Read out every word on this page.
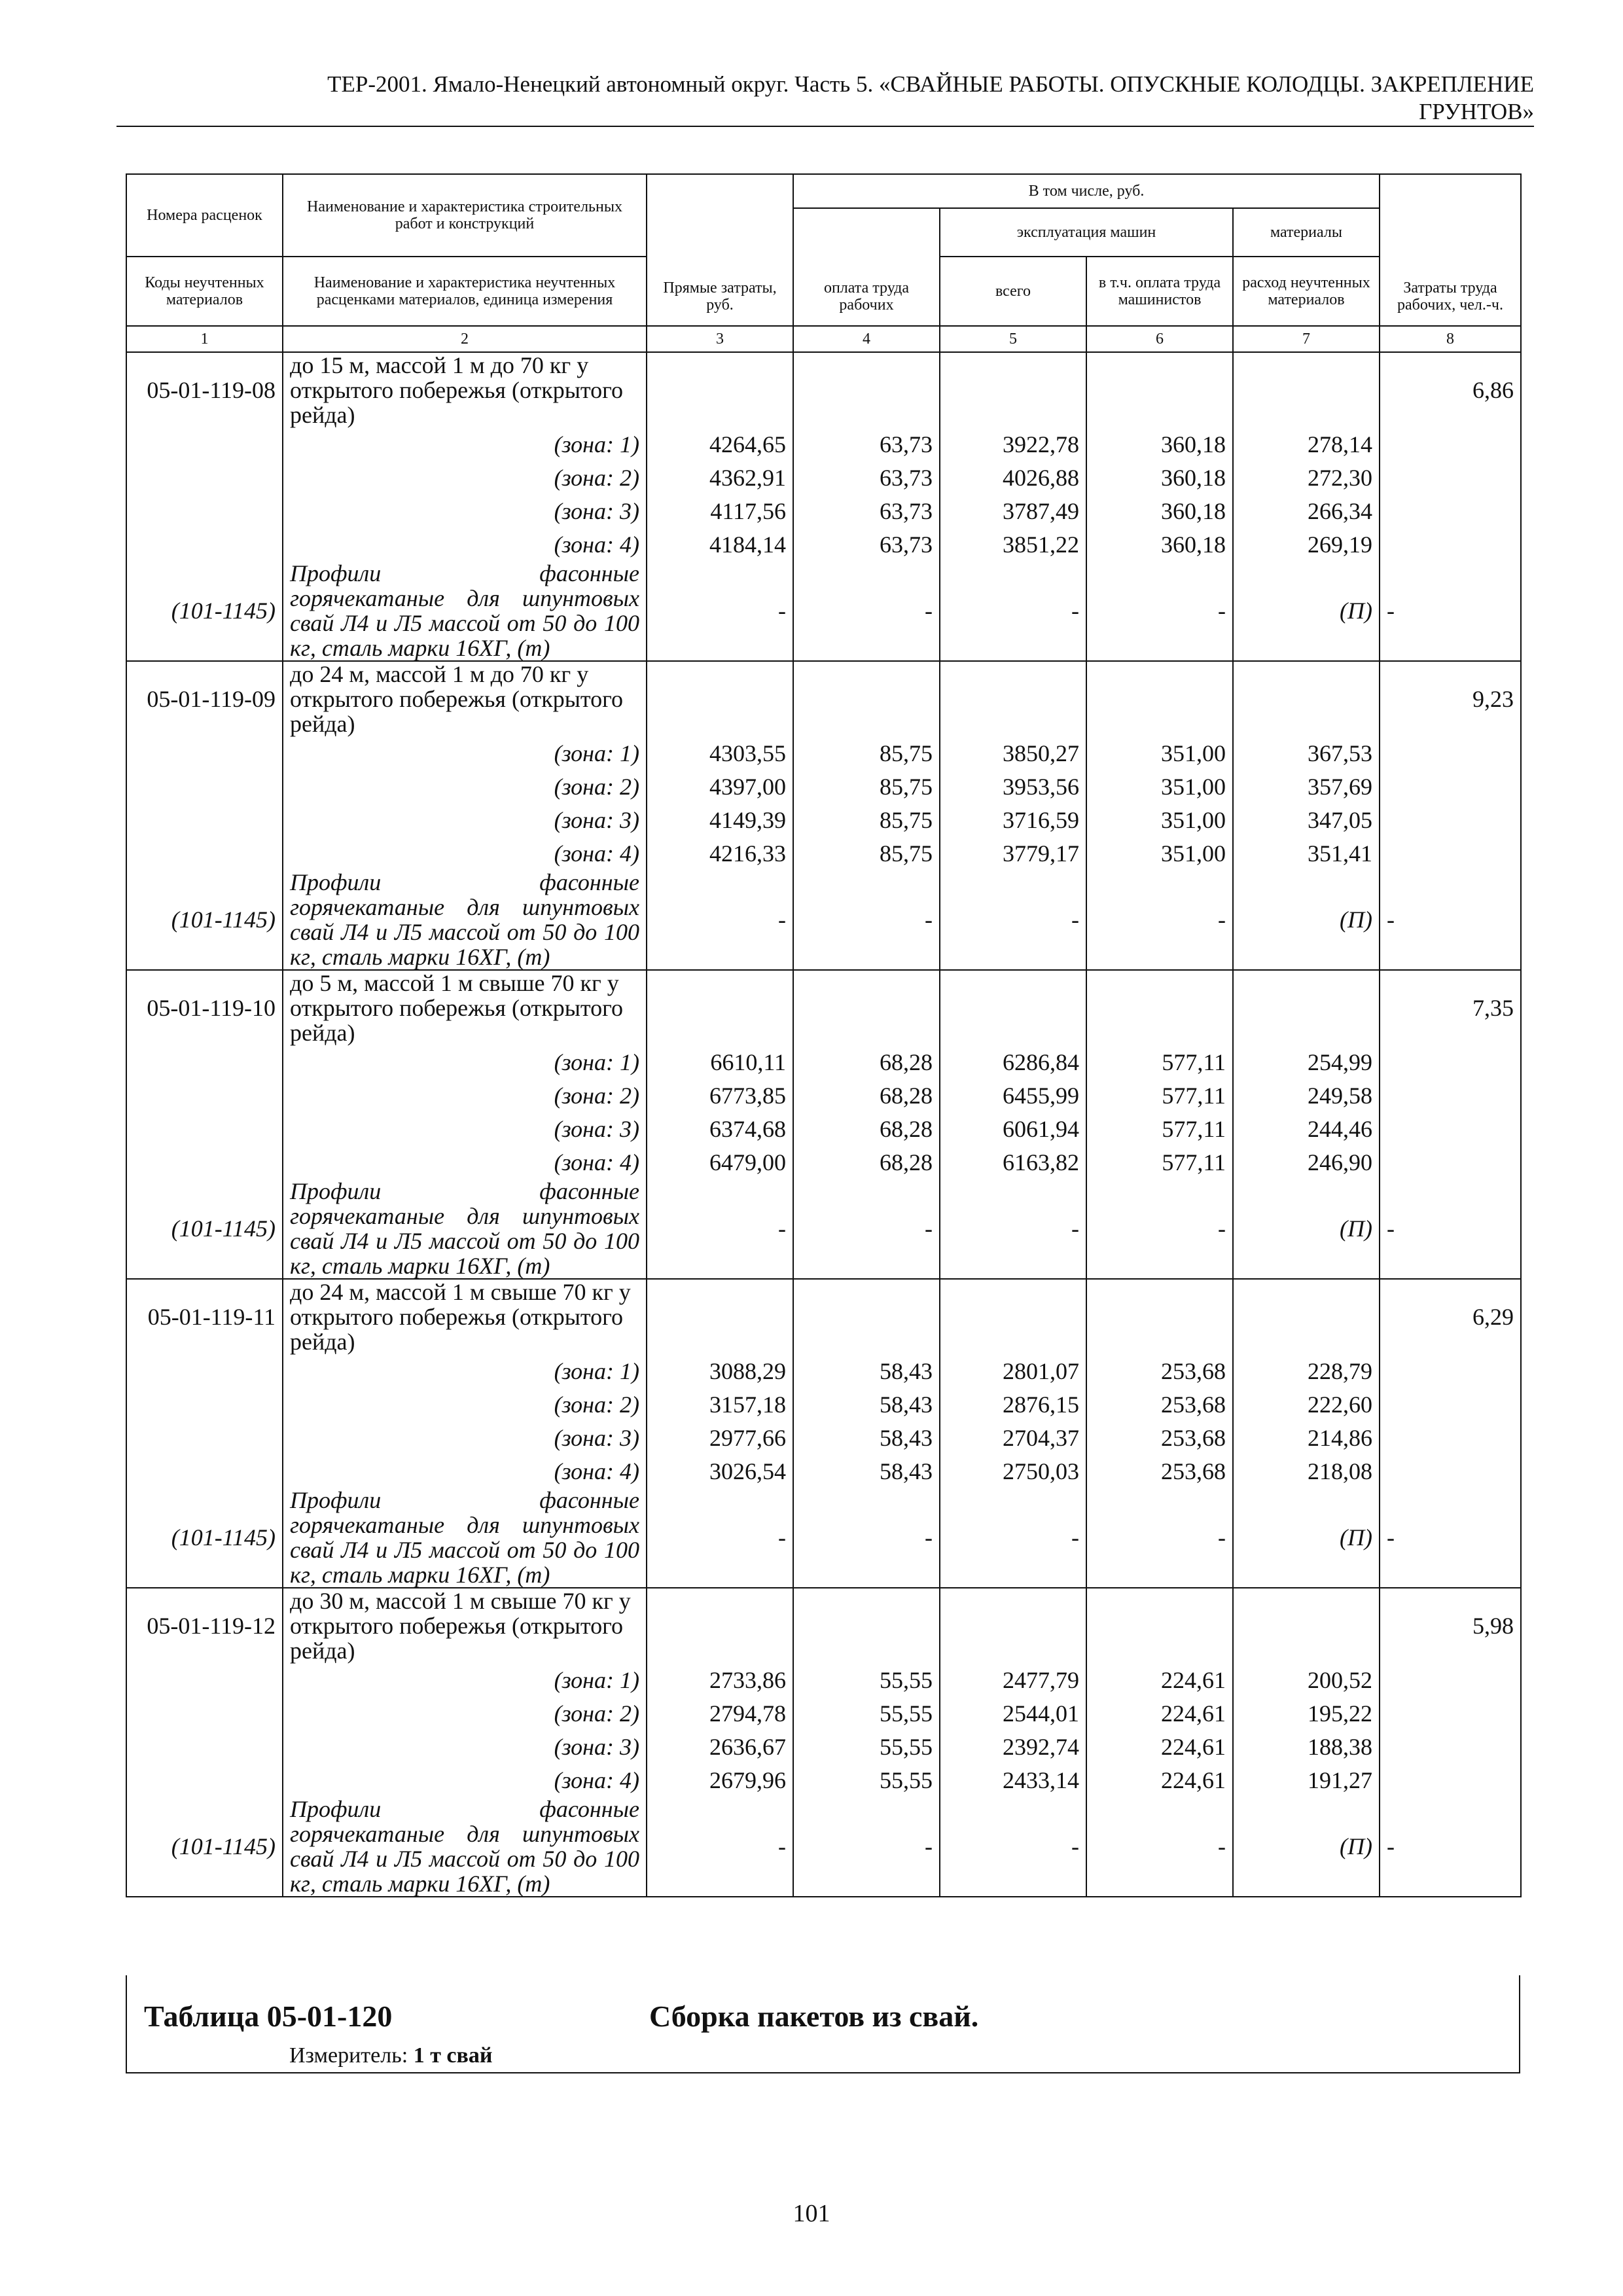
ТЕР-2001. Ямало-Ненецкий автономный округ. Часть 5. «СВАЙНЫЕ РАБОТЫ. ОПУСКНЫЕ КОЛОДЦЫ. ЗАКРЕПЛЕНИЕ
ГРУНТОВ»
Номера расценок	Наименование и характеристика строительных работ и конструкций	Прямые затраты, руб.	В том числе, руб.				Затраты труда рабочих, чел.-ч.
			оплата труда рабочих	эксплуатация машин		материалы	
Коды неучтенных материалов	Наименование и характеристика неучтенных расценками материалов, единица измерения			всего	в т.ч. оплата труда машинистов	расход неучтенных материалов	
1	2	3	4	5	6	7	8
05-01-119-08	до 15 м, массой 1 м до 70 кг у открытого побережья (открытого рейда)						6,86
	(зона: 1)	4264,65	63,73	3922,78	360,18	278,14	
	(зона: 2)	4362,91	63,73	4026,88	360,18	272,30	
	(зона: 3)	4117,56	63,73	3787,49	360,18	266,34	
	(зона: 4)	4184,14	63,73	3851,22	360,18	269,19	
(101-1145)	Профили фасонные горячекатаные для шпунтовых свай Л4 и Л5 массой от 50 до 100 кг, сталь марки 16ХГ, (т)	-	-	-	-	(П)	-
05-01-119-09	до 24 м, массой 1 м до 70 кг у открытого побережья (открытого рейда)						9,23
	(зона: 1)	4303,55	85,75	3850,27	351,00	367,53	
	(зона: 2)	4397,00	85,75	3953,56	351,00	357,69	
	(зона: 3)	4149,39	85,75	3716,59	351,00	347,05	
	(зона: 4)	4216,33	85,75	3779,17	351,00	351,41	
(101-1145)	Профили фасонные горячекатаные для шпунтовых свай Л4 и Л5 массой от 50 до 100 кг, сталь марки 16ХГ, (т)	-	-	-	-	(П)	-
05-01-119-10	до 5 м, массой 1 м свыше 70 кг у открытого побережья (открытого рейда)						7,35
	(зона: 1)	6610,11	68,28	6286,84	577,11	254,99	
	(зона: 2)	6773,85	68,28	6455,99	577,11	249,58	
	(зона: 3)	6374,68	68,28	6061,94	577,11	244,46	
	(зона: 4)	6479,00	68,28	6163,82	577,11	246,90	
(101-1145)	Профили фасонные горячекатаные для шпунтовых свай Л4 и Л5 массой от 50 до 100 кг, сталь марки 16ХГ, (т)	-	-	-	-	(П)	-
05-01-119-11	до 24 м, массой 1 м свыше 70 кг у открытого побережья (открытого рейда)						6,29
	(зона: 1)	3088,29	58,43	2801,07	253,68	228,79	
	(зона: 2)	3157,18	58,43	2876,15	253,68	222,60	
	(зона: 3)	2977,66	58,43	2704,37	253,68	214,86	
	(зона: 4)	3026,54	58,43	2750,03	253,68	218,08	
(101-1145)	Профили фасонные горячекатаные для шпунтовых свай Л4 и Л5 массой от 50 до 100 кг, сталь марки 16ХГ, (т)	-	-	-	-	(П)	-
05-01-119-12	до 30 м, массой 1 м свыше 70 кг у открытого побережья (открытого рейда)						5,98
	(зона: 1)	2733,86	55,55	2477,79	224,61	200,52	
	(зона: 2)	2794,78	55,55	2544,01	224,61	195,22	
	(зона: 3)	2636,67	55,55	2392,74	224,61	188,38	
	(зона: 4)	2679,96	55,55	2433,14	224,61	191,27	
(101-1145)	Профили фасонные горячекатаные для шпунтовых свай Л4 и Л5 массой от 50 до 100 кг, сталь марки 16ХГ, (т)	-	-	-	-	(П)	-
Таблица 05-01-120	Сборка пакетов из свай.
Измеритель: 1 т свай
101
